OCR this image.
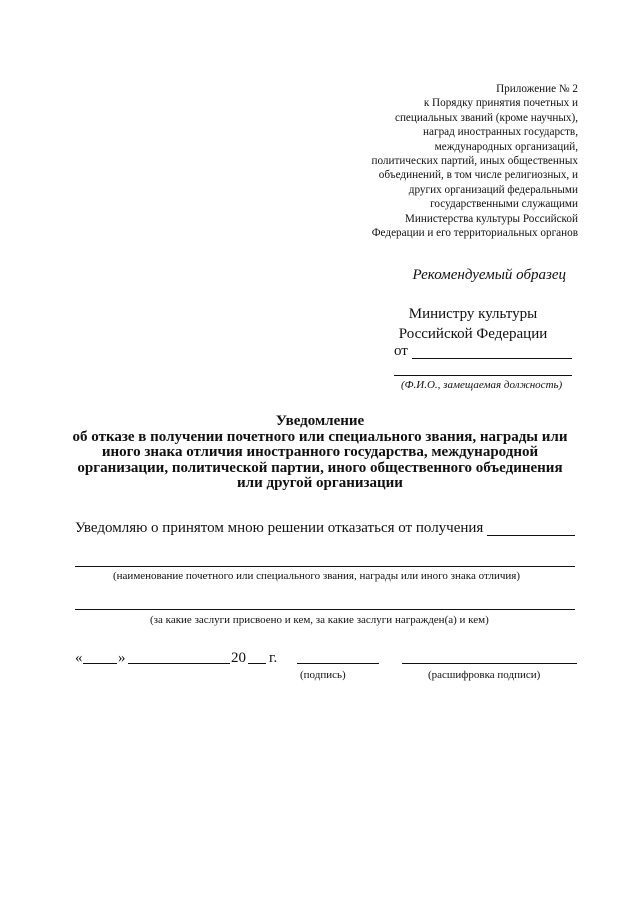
Приложение № 2
к Порядку принятия почетных и
специальных званий (кроме научных),
наград иностранных государств,
международных организаций,
политических партий, иных общественных
объединений, в том числе религиозных, и
других организаций федеральными
государственными служащими
Министерства культуры Российской
Федерации и его территориальных органов
Рекомендуемый образец
Министру культуры
Российской Федерации
от
(Ф.И.О., замещаемая должность)
Уведомление
об отказе в получении почетного или специального звания, награды или
иного знака отличия иностранного государства, международной
организации, политической партии, иного общественного объединения
или другой организации
Уведомляю о принятом мною решении отказаться от получения
(наименование почетного или специального звания, награды или иного знака отличия)
(за какие заслуги присвоено и кем, за какие заслуги награжден(а) и кем)
« »	20 г.
(подпись)	(расшифровка подписи)
